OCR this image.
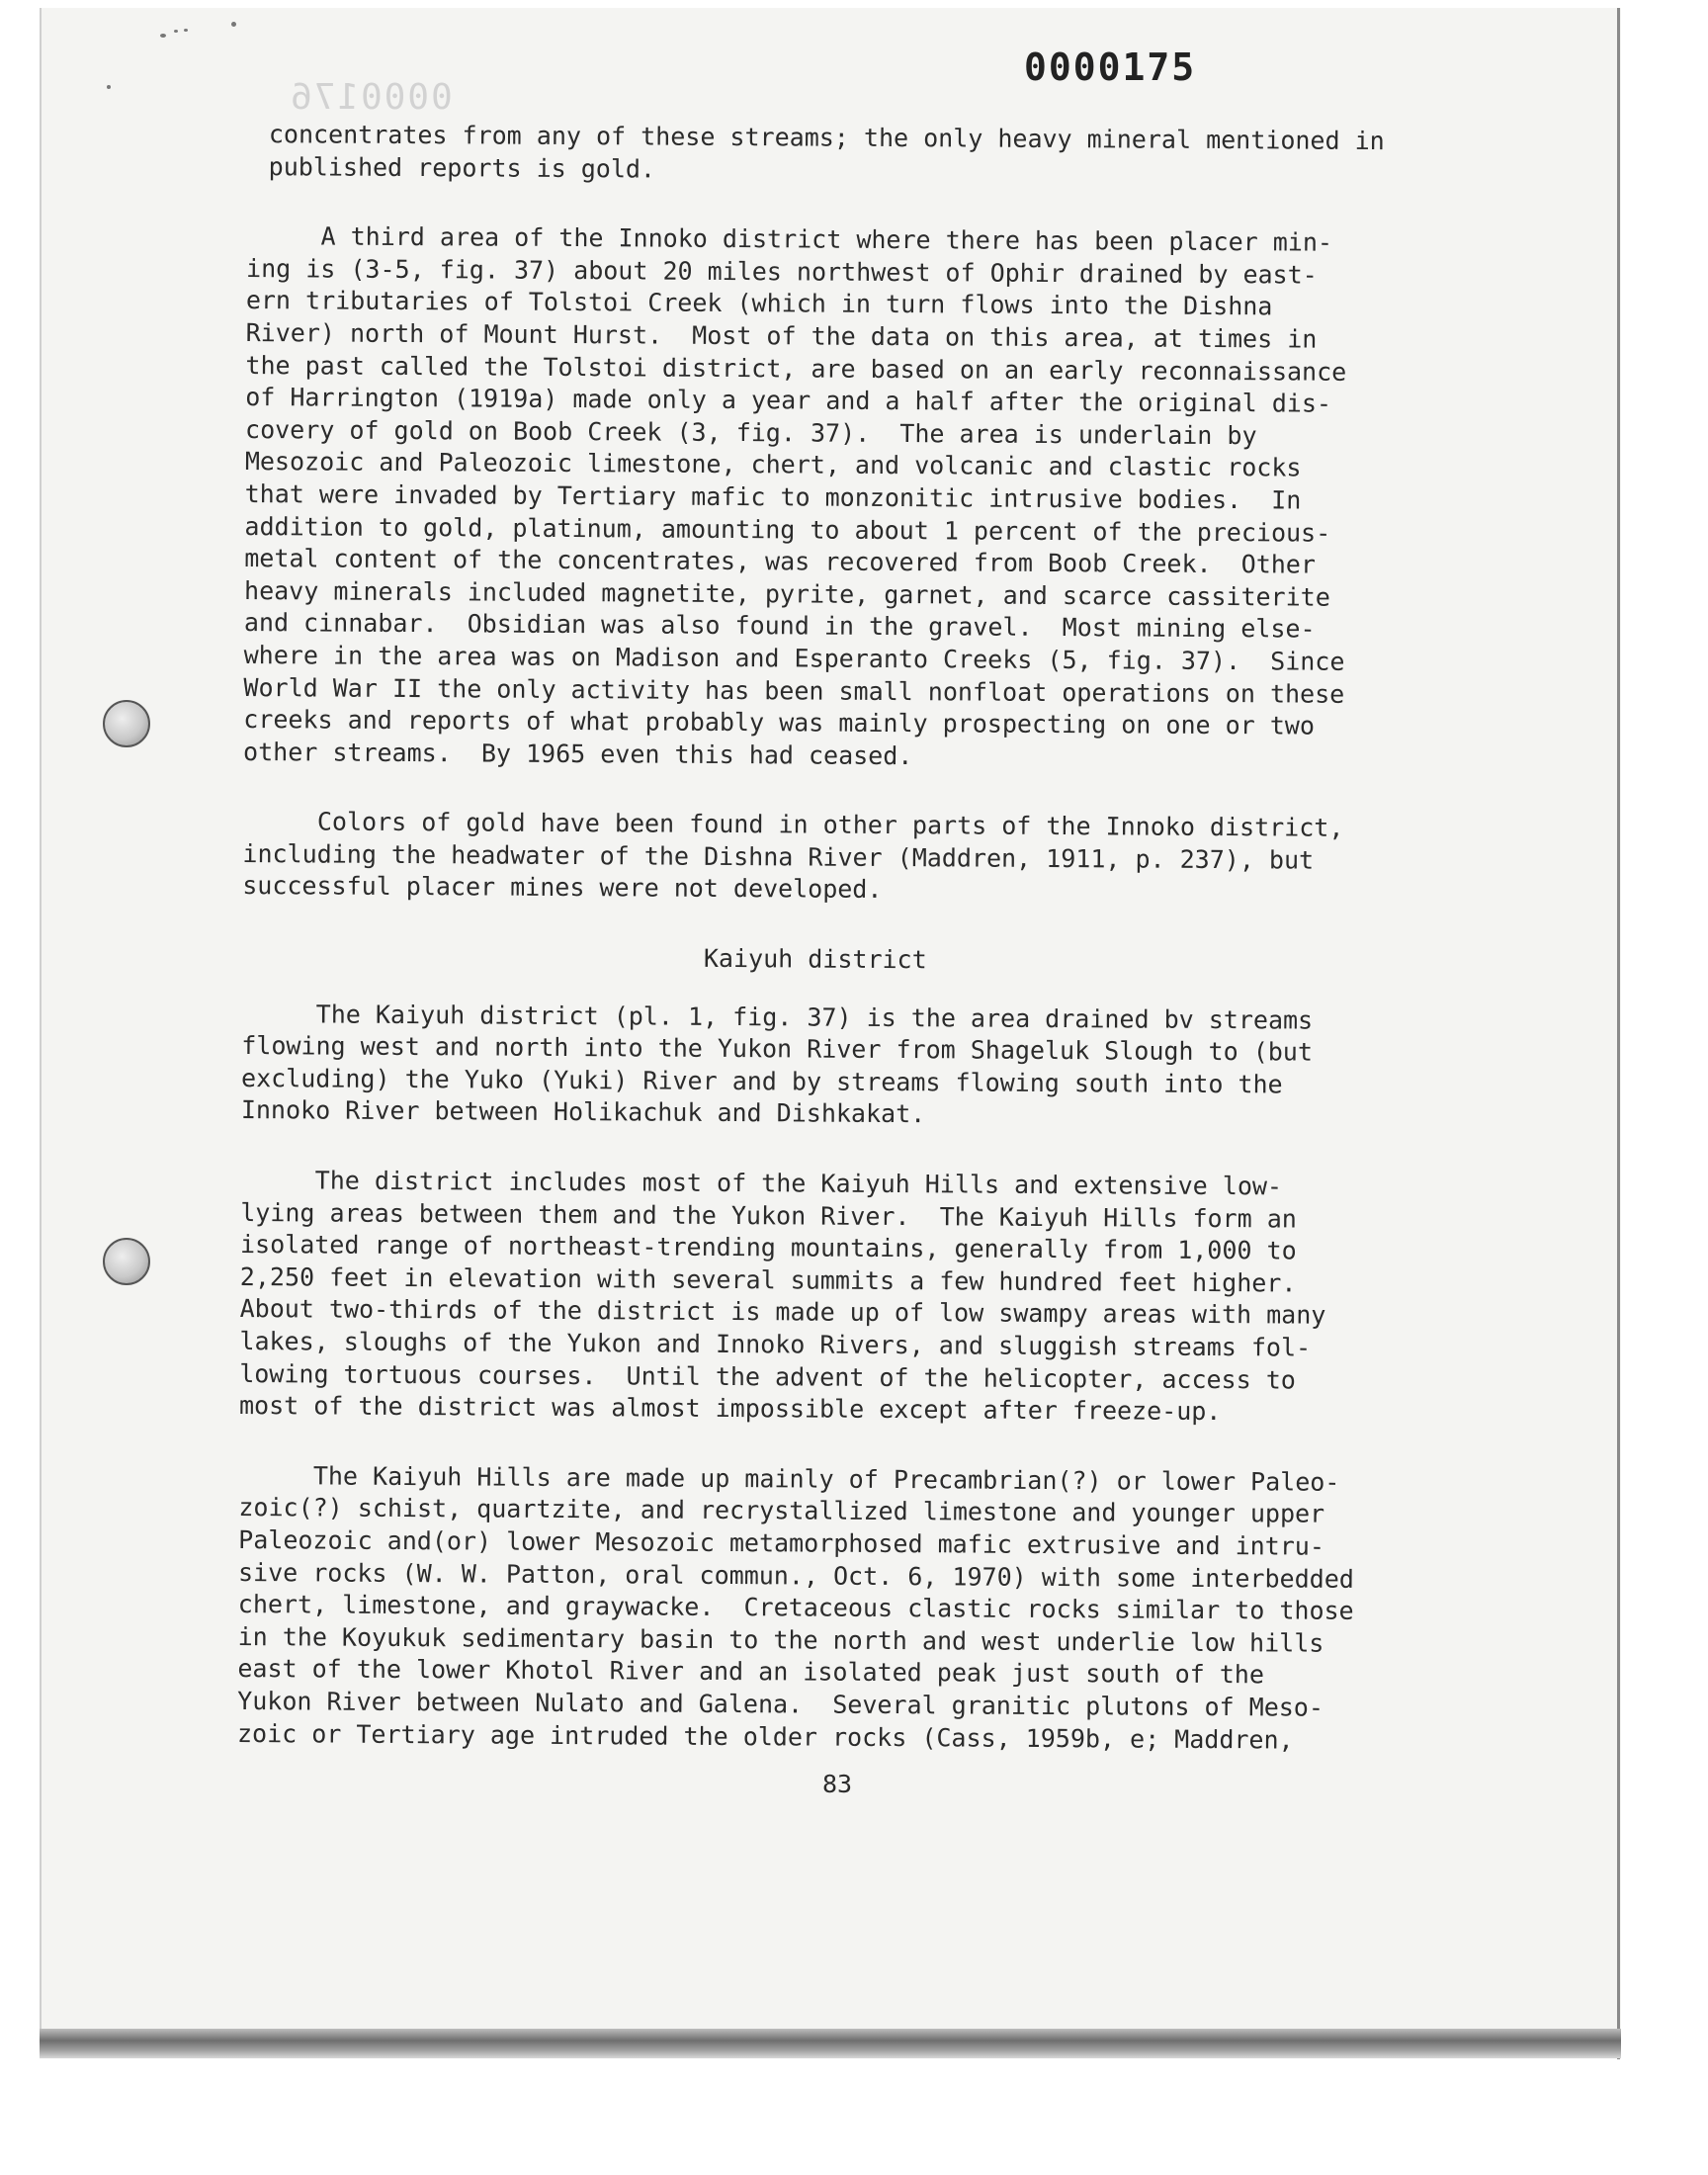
0000176
0000175
concentrates from any of these streams; the only heavy mineral mentioned in
published reports is gold.
A third area of the Innoko district where there has been placer min-
ing is (3-5, fig. 37) about 20 miles northwest of Ophir drained by east-
ern tributaries of Tolstoi Creek (which in turn flows into the Dishna
River) north of Mount Hurst.  Most of the data on this area, at times in
the past called the Tolstoi district, are based on an early reconnaissance
of Harrington (1919a) made only a year and a half after the original dis-
covery of gold on Boob Creek (3, fig. 37).  The area is underlain by
Mesozoic and Paleozoic limestone, chert, and volcanic and clastic rocks
that were invaded by Tertiary mafic to monzonitic intrusive bodies.  In
addition to gold, platinum, amounting to about 1 percent of the precious-
metal content of the concentrates, was recovered from Boob Creek.  Other
heavy minerals included magnetite, pyrite, garnet, and scarce cassiterite
and cinnabar.  Obsidian was also found in the gravel.  Most mining else-
where in the area was on Madison and Esperanto Creeks (5, fig. 37).  Since
World War II the only activity has been small nonfloat operations on these
creeks and reports of what probably was mainly prospecting on one or two
other streams.  By 1965 even this had ceased.
Colors of gold have been found in other parts of the Innoko district,
including the headwater of the Dishna River (Maddren, 1911, p. 237), but
successful placer mines were not developed.
Kaiyuh district
The Kaiyuh district (pl. 1, fig. 37) is the area drained bv streams
flowing west and north into the Yukon River from Shageluk Slough to (but
excluding) the Yuko (Yuki) River and by streams flowing south into the
Innoko River between Holikachuk and Dishkakat.
The district includes most of the Kaiyuh Hills and extensive low-
lying areas between them and the Yukon River.  The Kaiyuh Hills form an
isolated range of northeast-trending mountains, generally from 1,000 to
2,250 feet in elevation with several summits a few hundred feet higher.
About two-thirds of the district is made up of low swampy areas with many
lakes, sloughs of the Yukon and Innoko Rivers, and sluggish streams fol-
lowing tortuous courses.  Until the advent of the helicopter, access to
most of the district was almost impossible except after freeze-up.
The Kaiyuh Hills are made up mainly of Precambrian(?) or lower Paleo-
zoic(?) schist, quartzite, and recrystallized limestone and younger upper
Paleozoic and(or) lower Mesozoic metamorphosed mafic extrusive and intru-
sive rocks (W. W. Patton, oral commun., Oct. 6, 1970) with some interbedded
chert, limestone, and graywacke.  Cretaceous clastic rocks similar to those
in the Koyukuk sedimentary basin to the north and west underlie low hills
east of the lower Khotol River and an isolated peak just south of the
Yukon River between Nulato and Galena.  Several granitic plutons of Meso-
zoic or Tertiary age intruded the older rocks (Cass, 1959b, e; Maddren,
83
